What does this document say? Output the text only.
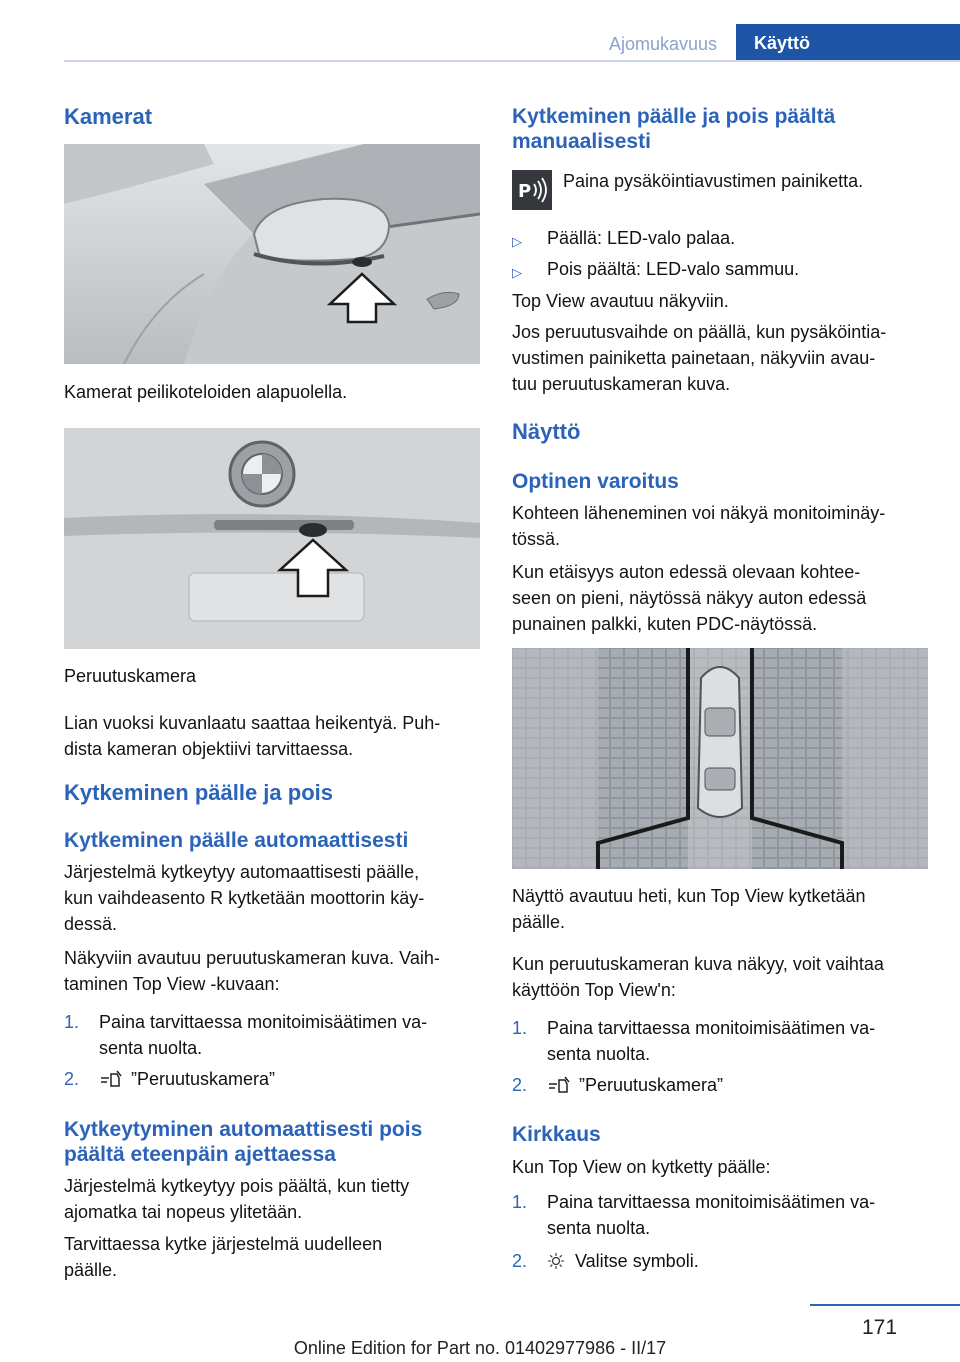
Ajomukavuus	Käyttö
Kamerat
Kamerat peilikoteloiden alapuolella.
Peruutuskamera
Lian vuoksi kuvanlaatu saattaa heikentyä. Puh-
dista kameran objektiivi tarvittaessa.
Kytkeminen päälle ja pois
Kytkeminen päälle automaattisesti
Järjestelmä kytkeytyy automaattisesti päälle,
kun vaihdeasento R kytketään moottorin käy-
dessä.
Näkyviin avautuu peruutuskameran kuva. Vaih-
taminen Top View -kuvaan:
1. Paina tarvittaessa monitoimisäätimen va-
senta nuolta.
2.	”Peruutuskamera”
Kytkeytyminen automaattisesti pois
päältä eteenpäin ajettaessa
Järjestelmä kytkeytyy pois päältä, kun tietty
ajomatka tai nopeus ylitetään.
Tarvittaessa kytke järjestelmä uudelleen
päälle.
Kytkeminen päälle ja pois päältä
manuaalisesti
P Paina pysäköintiavustimen painiketta.
▷ Päällä: LED-valo palaa.
▷ Pois päältä: LED-valo sammuu.
Top View avautuu näkyviin.
Jos peruutusvaihde on päällä, kun pysäköintia-
vustimen painiketta painetaan, näkyviin avau-
tuu peruutuskameran kuva.
Näyttö
Optinen varoitus
Kohteen läheneminen voi näkyä monitoiminäy-
tössä.
Kun etäisyys auton edessä olevaan kohtee-
seen on pieni, näytössä näkyy auton edessä
punainen palkki, kuten PDC-näytössä.
Näyttö avautuu heti, kun Top View kytketään
päälle.
Kun peruutuskameran kuva näkyy, voit vaihtaa
käyttöön Top View'n:
1. Paina tarvittaessa monitoimisäätimen va-
senta nuolta.
2.	”Peruutuskamera”
Kirkkaus
Kun Top View on kytketty päälle:
1. Paina tarvittaessa monitoimisäätimen va-
senta nuolta.
2.	Valitse symboli.
171
Online Edition for Part no. 01402977986 - II/17
